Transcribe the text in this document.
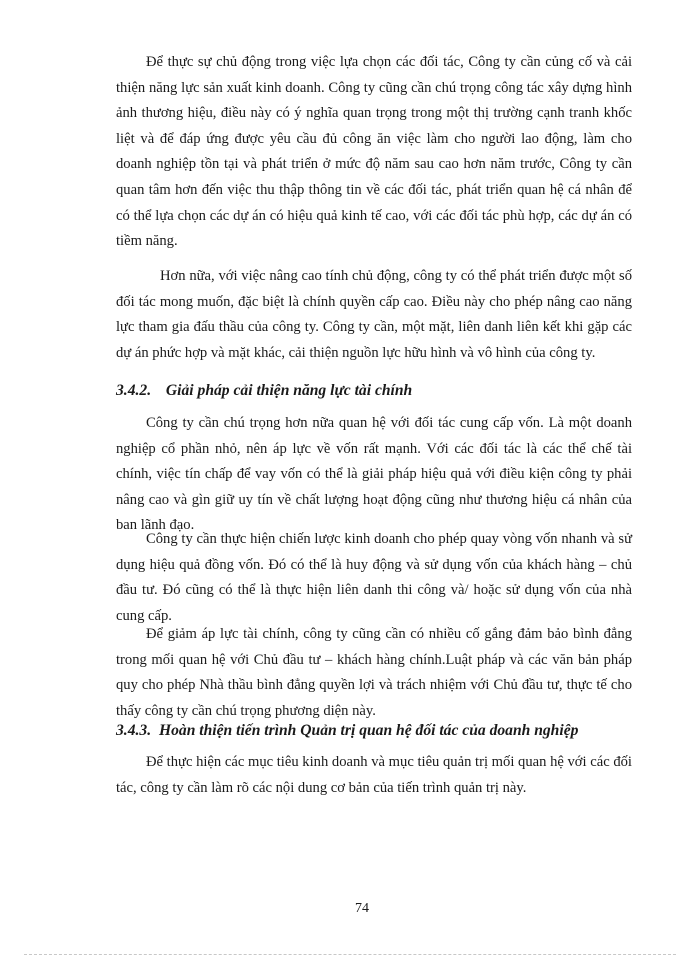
Để thực sự chủ động trong việc lựa chọn các đối tác, Công ty cần củng cố và cải thiện năng lực sản xuất kinh doanh. Công ty cũng cần chú trọng công tác xây dựng hình ảnh thương hiệu, điều này có ý nghĩa quan trọng trong một thị trường cạnh tranh khốc liệt và để đáp ứng được yêu cầu đủ công ăn việc làm cho người lao động, làm cho doanh nghiệp tồn tại và phát triển ở mức độ năm sau cao hơn năm trước, Công ty cần quan tâm hơn đến việc thu thập thông tin về các đối tác, phát triển quan hệ cá nhân để có thể lựa chọn các dự án có hiệu quả kinh tế cao, với các đối tác phù hợp, các dự án có tiềm năng.

Hơn nữa, với việc nâng cao tính chủ động, công ty có thể phát triển được một số đối tác mong muốn, đặc biệt là chính quyền cấp cao. Điều này cho phép nâng cao năng lực tham gia đấu thầu của công ty. Công ty cần, một mặt, liên danh liên kết khi gặp các dự án phức hợp và mặt khác, cải thiện nguồn lực hữu hình và vô hình của công ty.

3.4.2. Giải pháp cải thiện năng lực tài chính

Công ty cần chú trọng hơn nữa quan hệ với đối tác cung cấp vốn. Là một doanh nghiệp cổ phần nhỏ, nên áp lực về vốn rất mạnh. Với các đối tác là các thể chế tài chính, việc tín chấp để vay vốn có thể là giải pháp hiệu quả với điều kiện công ty phải nâng cao và gìn giữ uy tín về chất lượng hoạt động cũng như thương hiệu cá nhân của ban lãnh đạo.

Công ty cần thực hiện chiến lược kinh doanh cho phép quay vòng vốn nhanh và sử dụng hiệu quả đồng vốn. Đó có thể là huy động và sử dụng vốn của khách hàng – chủ đầu tư. Đó cũng có thể là thực hiện liên danh thi công và/ hoặc sử dụng vốn của nhà cung cấp.

Để giảm áp lực tài chính, công ty cũng cần có nhiều cố gắng đảm bảo bình đẳng trong mối quan hệ với Chủ đầu tư – khách hàng chính.Luật pháp và các văn bản pháp quy cho phép Nhà thầu bình đẳng quyền lợi và trách nhiệm với Chủ đầu tư, thực tế cho thấy công ty cần chú trọng phương diện này.

3.4.3. Hoàn thiện tiến trình Quản trị quan hệ đối tác của doanh nghiệp

Để thực hiện các mục tiêu kinh doanh và mục tiêu quản trị mối quan hệ với các đối tác, công ty cần làm rõ các nội dung cơ bản của tiến trình quản trị này.

74
